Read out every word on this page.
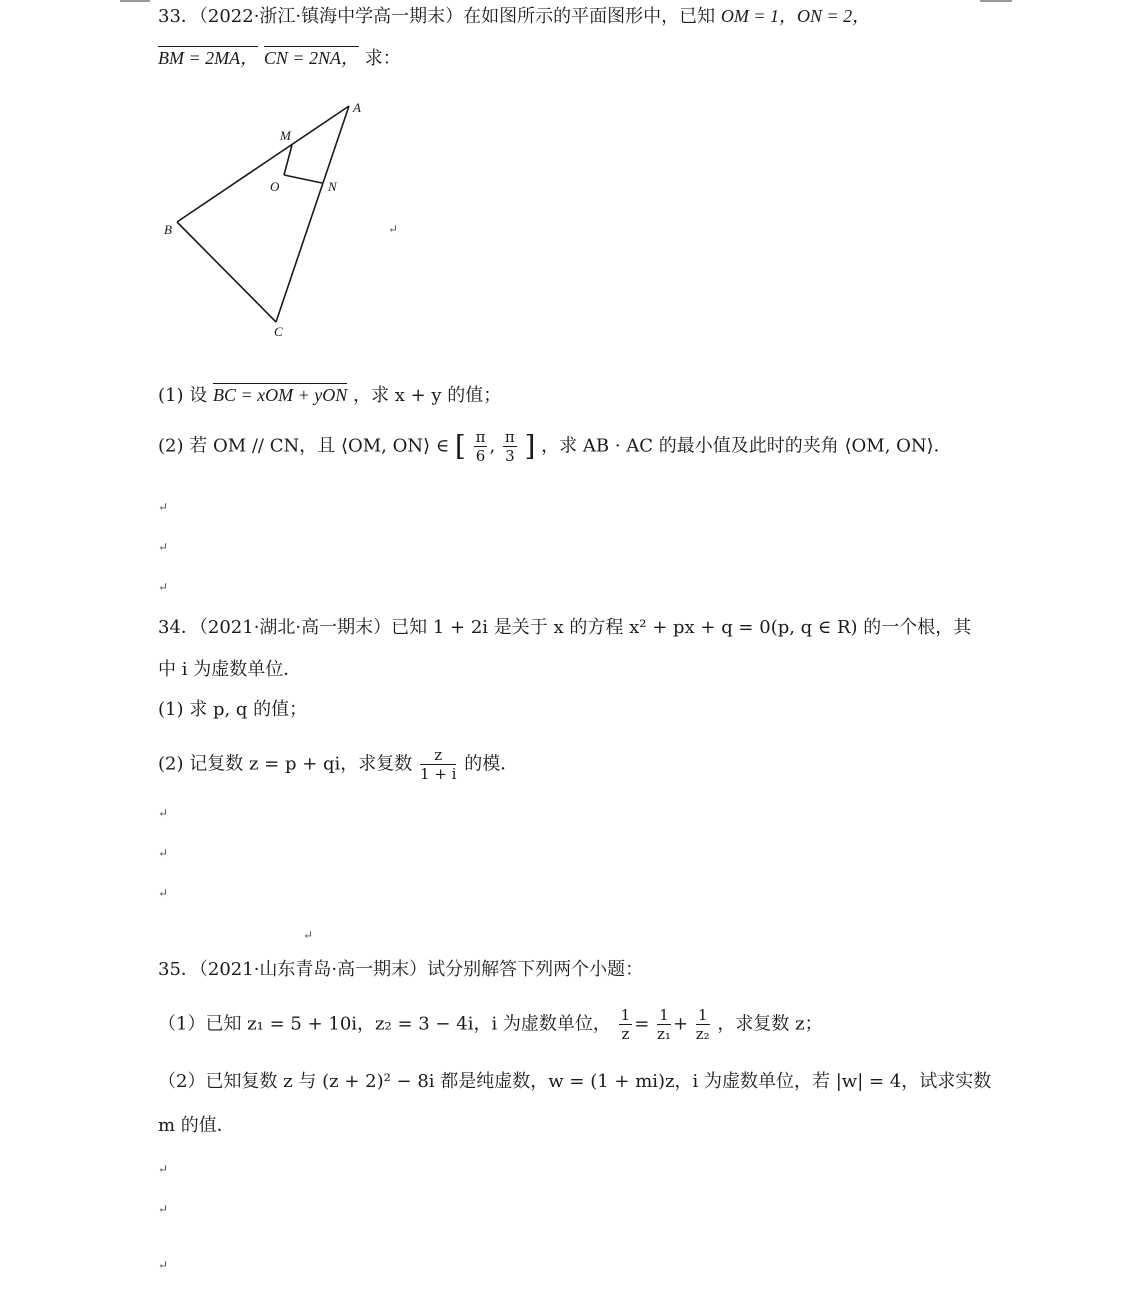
33．（2022·浙江·镇海中学高一期末）在如图所示的平面图形中，已知 OM = 1，ON = 2，
BM = 2MA， CN = 2NA， 求：
A
M
O	N
B
C
↵
(1) 设 BC = xOM + yON ，求 x + y 的值；
(2) 若 OM // CN，且 ⟨OM, ON⟩ ∈ [ $\frac{\pi}{6}$ , $\frac{\pi}{3}$ ] ，求 AB · AC 的最小值及此时的夹角 ⟨OM, ON⟩．
↵
↵
↵
34．（2021·湖北·高一期末）已知 1 + 2i 是关于 x 的方程 x² + px + q = 0(p, q ∈ R) 的一个根，其
中 i 为虚数单位．
(1) 求 p, q 的值；
(2) 记复数 z = p + qi，求复数 $\frac{z}{1 + i}$ 的模．
↵
↵
↵
↵
35．（2021·山东青岛·高一期末）试分别解答下列两个小题：
（1）已知 z₁ = 5 + 10i，z₂ = 3 − 4i，i 为虚数单位， $\frac{1}{z} = \frac{1}{\text{z₁}} + \frac{1}{\text{z₂}}$ ，求复数 z；
（2）已知复数 z 与 (z + 2)² − 8i 都是纯虚数，w = (1 + mi)z，i 为虚数单位，若 |w| = 4，试求实数
m 的值．
↵
↵
↵
